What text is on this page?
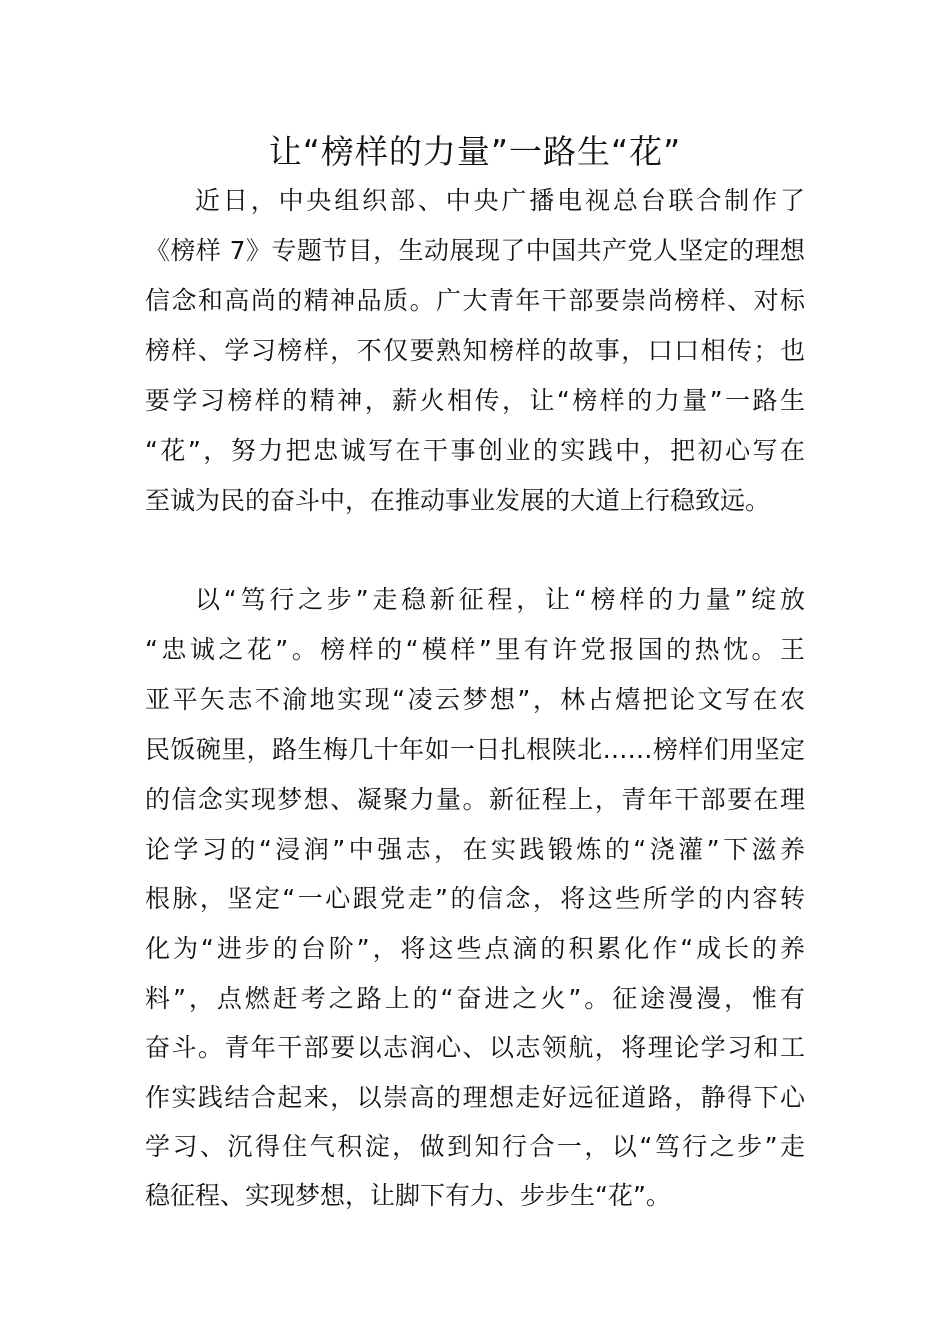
让“榜样的力量”一路生“花”

近日，中央组织部、中央广播电视总台联合制作了

《榜样 7》专题节目，生动展现了中国共产党人坚定的理想

信念和高尚的精神品质。广大青年干部要崇尚榜样、对标

榜样、学习榜样，不仅要熟知榜样的故事，口口相传；也

要学习榜样的精神，薪火相传，让“榜样的力量”一路生

“花”，努力把忠诚写在干事创业的实践中，把初心写在

至诚为民的奋斗中，在推动事业发展的大道上行稳致远。

以“笃行之步”走稳新征程，让“榜样的力量”绽放

“忠诚之花”。榜样的“模样”里有许党报国的热忱。王

亚平矢志不渝地实现“凌云梦想”，林占熺把论文写在农

民饭碗里，路生梅几十年如一日扎根陕北……榜样们用坚定

的信念实现梦想、凝聚力量。新征程上，青年干部要在理

论学习的“浸润”中强志，在实践锻炼的“浇灌”下滋养

根脉，坚定“一心跟党走”的信念，将这些所学的内容转

化为“进步的台阶”，将这些点滴的积累化作“成长的养

料”，点燃赶考之路上的“奋进之火”。征途漫漫，惟有

奋斗。青年干部要以志润心、以志领航，将理论学习和工

作实践结合起来，以崇高的理想走好远征道路，静得下心

学习、沉得住气积淀，做到知行合一，以“笃行之步”走

稳征程、实现梦想，让脚下有力、步步生“花”。
